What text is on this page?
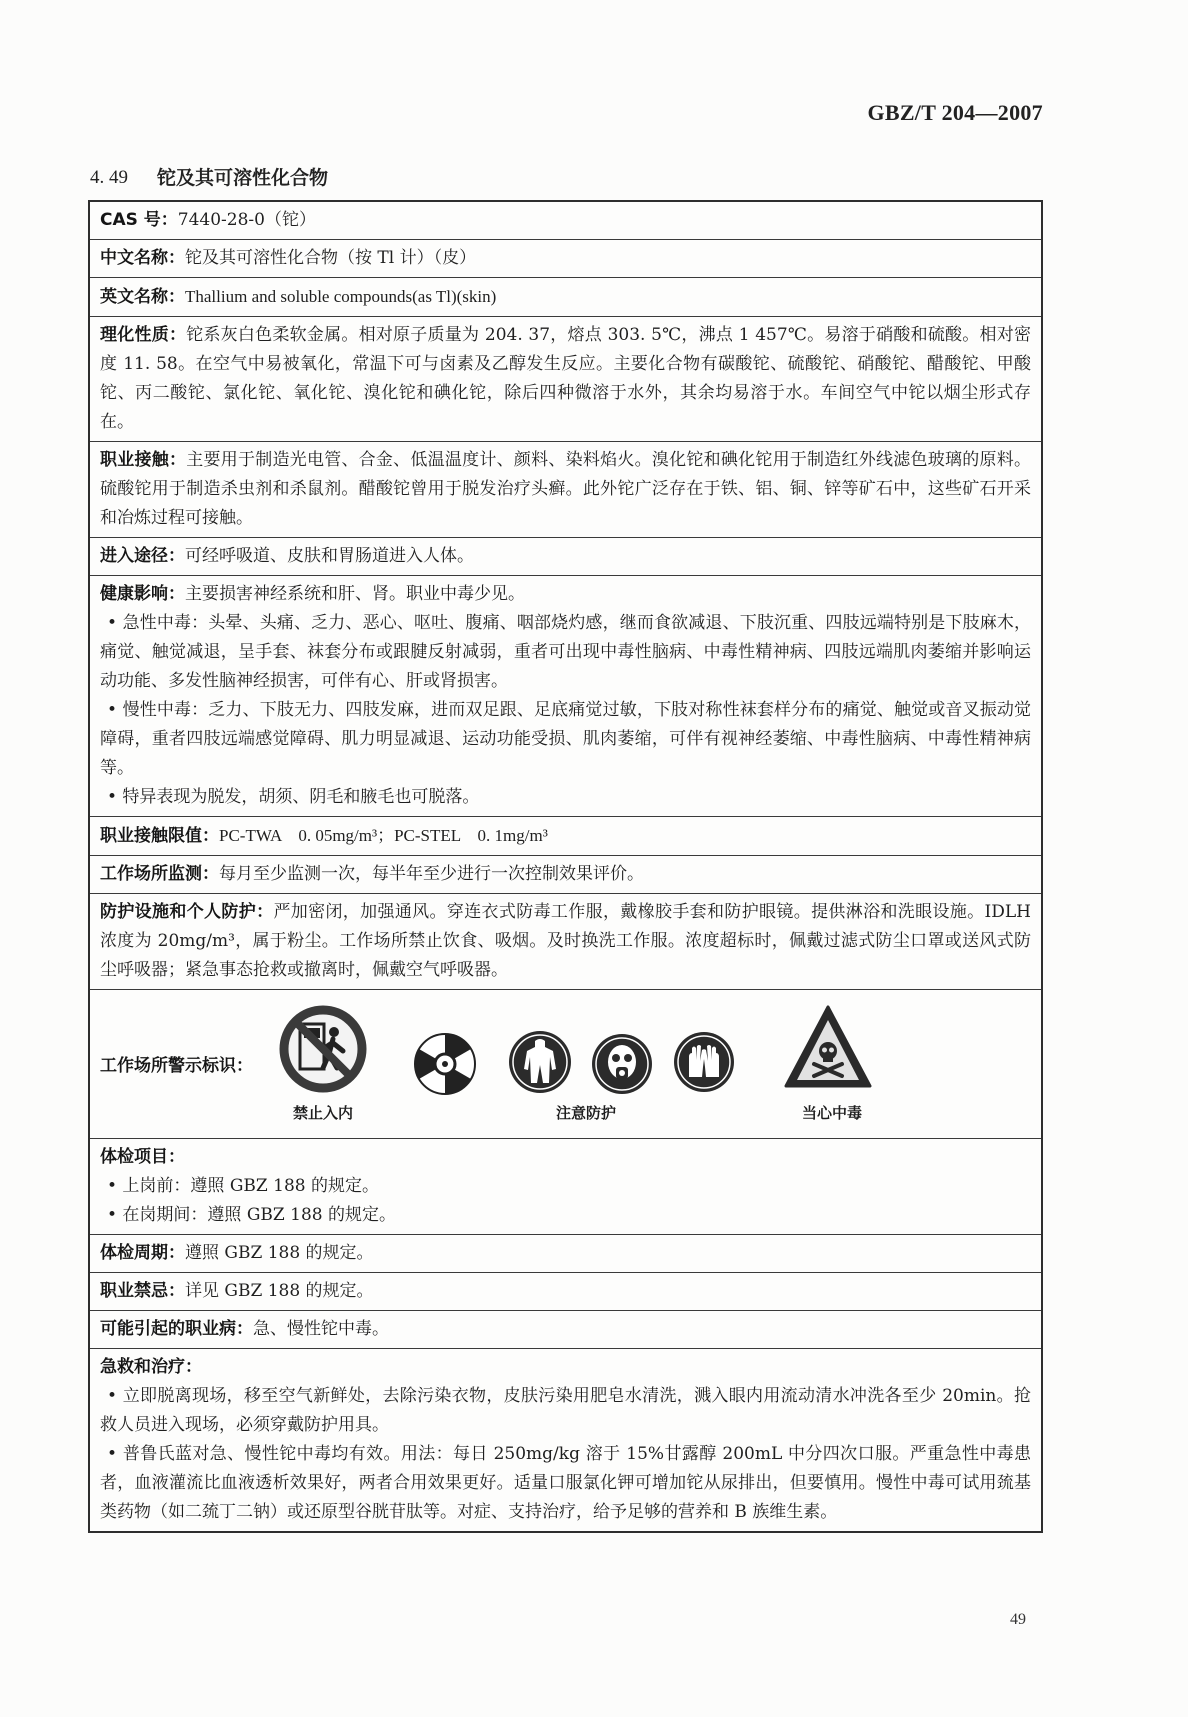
GBZ/T 204—2007
4. 49 铊及其可溶性化合物
CAS 号：7440-28-0（铊）
中文名称：铊及其可溶性化合物（按 Tl 计）（皮）
英文名称：Thallium and soluble compounds(as Tl)(skin)
理化性质：铊系灰白色柔软金属。相对原子质量为 204. 37，熔点 303. 5℃，沸点 1 457℃。易溶于硝酸和硫酸。相对密度 11. 58。在空气中易被氧化，常温下可与卤素及乙醇发生反应。主要化合物有碳酸铊、硫酸铊、硝酸铊、醋酸铊、甲酸铊、丙二酸铊、氯化铊、氧化铊、溴化铊和碘化铊，除后四种微溶于水外，其余均易溶于水。车间空气中铊以烟尘形式存在。
职业接触：主要用于制造光电管、合金、低温温度计、颜料、染料焰火。溴化铊和碘化铊用于制造红外线滤色玻璃的原料。硫酸铊用于制造杀虫剂和杀鼠剂。醋酸铊曾用于脱发治疗头癣。此外铊广泛存在于铁、铝、铜、锌等矿石中，这些矿石开采和冶炼过程可接触。
进入途径：可经呼吸道、皮肤和胃肠道进入人体。
健康影响：主要损害神经系统和肝、肾。职业中毒少见。
• 急性中毒：头晕、头痛、乏力、恶心、呕吐、腹痛、咽部烧灼感，继而食欲减退、下肢沉重、四肢远端特别是下肢麻木，痛觉、触觉减退，呈手套、袜套分布或跟腱反射减弱，重者可出现中毒性脑病、中毒性精神病、四肢远端肌肉萎缩并影响运动功能、多发性脑神经损害，可伴有心、肝或肾损害。
• 慢性中毒：乏力、下肢无力、四肢发麻，进而双足跟、足底痛觉过敏，下肢对称性袜套样分布的痛觉、触觉或音叉振动觉障碍，重者四肢远端感觉障碍、肌力明显减退、运动功能受损、肌肉萎缩，可伴有视神经萎缩、中毒性脑病、中毒性精神病等。
• 特异表现为脱发，胡须、阴毛和腋毛也可脱落。
职业接触限值：PC-TWA　0. 05mg/m³；PC-STEL　0. 1mg/m³
工作场所监测：每月至少监测一次，每半年至少进行一次控制效果评价。
防护设施和个人防护：严加密闭，加强通风。穿连衣式防毒工作服，戴橡胶手套和防护眼镜。提供淋浴和洗眼设施。IDLH 浓度为 20mg/m³，属于粉尘。工作场所禁止饮食、吸烟。及时换洗工作服。浓度超标时，佩戴过滤式防尘口罩或送风式防尘呼吸器；紧急事态抢救或撤离时，佩戴空气呼吸器。
工作场所警示标识：
禁止入内	注意防护	当心中毒
体检项目：
• 上岗前：遵照 GBZ 188 的规定。
• 在岗期间：遵照 GBZ 188 的规定。
体检周期：遵照 GBZ 188 的规定。
职业禁忌：详见 GBZ 188 的规定。
可能引起的职业病：急、慢性铊中毒。
急救和治疗：
• 立即脱离现场，移至空气新鲜处，去除污染衣物，皮肤污染用肥皂水清洗，溅入眼内用流动清水冲洗各至少 20min。抢救人员进入现场，必须穿戴防护用具。
• 普鲁氏蓝对急、慢性铊中毒均有效。用法：每日 250mg/kg 溶于 15%甘露醇 200mL 中分四次口服。严重急性中毒患者，血液灌流比血液透析效果好，两者合用效果更好。适量口服氯化钾可增加铊从尿排出，但要慎用。慢性中毒可试用巯基类药物（如二巯丁二钠）或还原型谷胱苷肽等。对症、支持治疗，给予足够的营养和 B 族维生素。
49
